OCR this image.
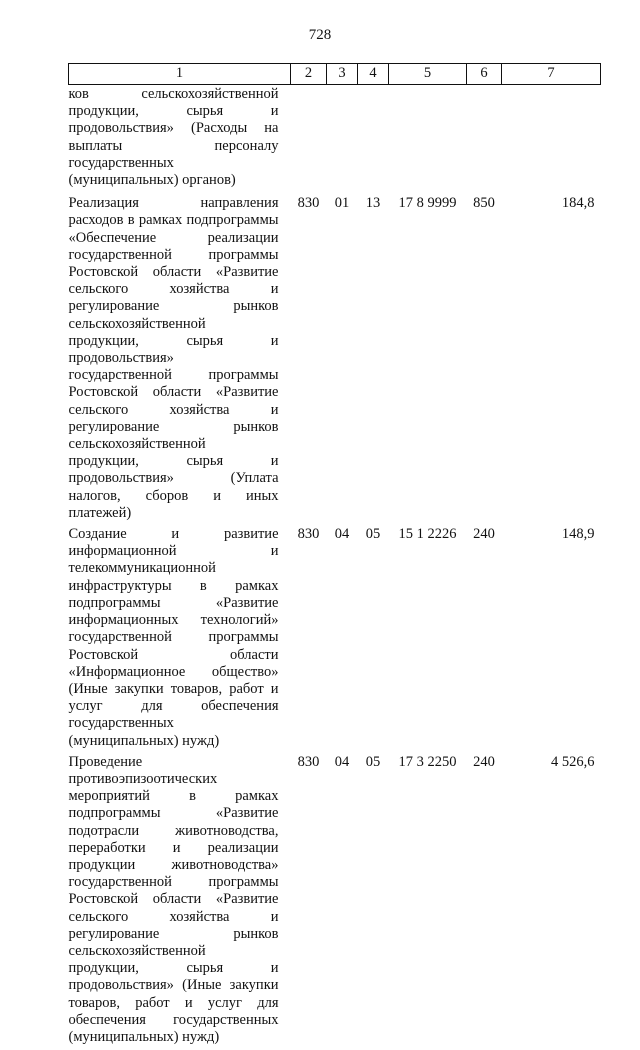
728
1	2	3	4	5	6	7
ков сельскохозяйственной продукции, сырья и продовольствия» (Расходы на выплаты персоналу государственных (муниципальных) органов)						
Реализация направления расходов в рамках подпрограммы «Обеспечение реализации государственной программы Ростовской области «Развитие сельского хозяйства и регулирование рынков сельскохозяйственной продукции, сырья и продовольствия» государственной программы Ростовской области «Развитие сельского хозяйства и регулирование рынков сельскохозяйственной продукции, сырья и продовольствия» (Уплата налогов, сборов и иных платежей)	830	01	13	17 8 9999	850	184,8
Создание и развитие информационной и телекоммуникационной инфраструктуры в рамках подпрограммы «Развитие информационных технологий» государственной программы Ростовской области «Информационное общество» (Иные закупки товаров, работ и услуг для обеспечения государственных (муниципальных) нужд)	830	04	05	15 1 2226	240	148,9
Проведение противоэпизоотических мероприятий в рамках подпрограммы «Развитие подотрасли животноводства, переработки и реализации продукции животноводства» государственной программы Ростовской области «Развитие сельского хозяйства и регулирование рынков сельскохозяйственной продукции, сырья и продовольствия» (Иные закупки товаров, работ и услуг для обеспечения государственных (муниципальных) нужд)	830	04	05	17 3 2250	240	4 526,6
